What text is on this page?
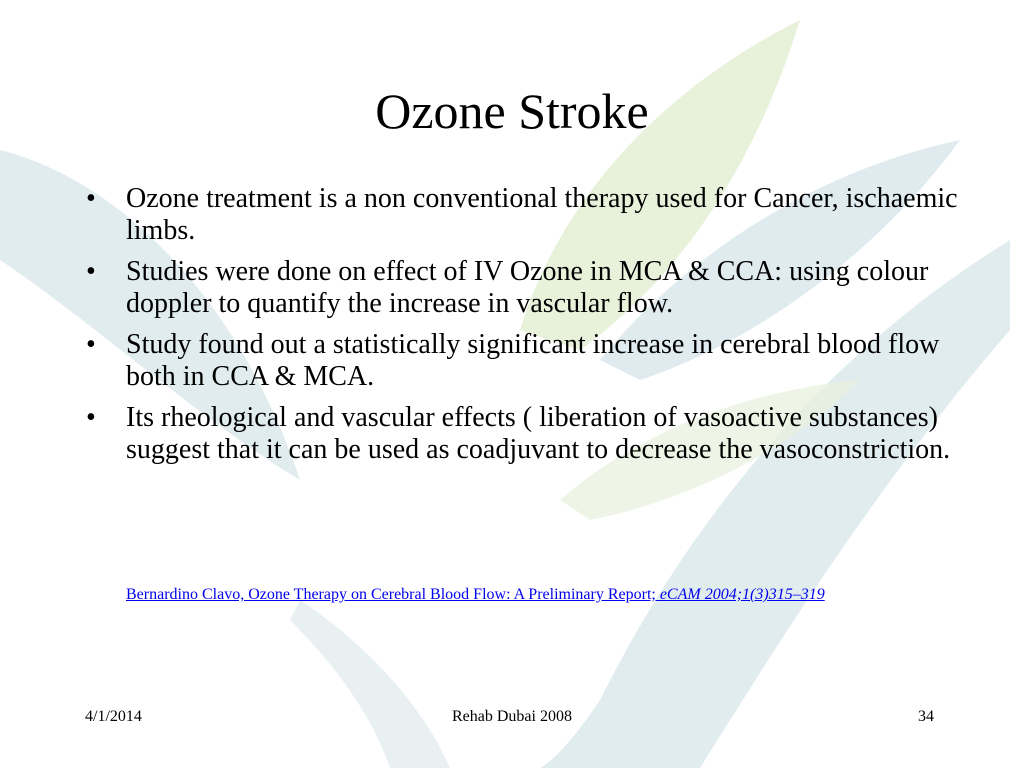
Ozone Stroke
• Ozone treatment is a non conventional therapy used for Cancer, ischaemic limbs.
• Studies were done on effect of IV Ozone in MCA & CCA: using colour doppler to quantify the increase in vascular flow.
• Study found out a statistically significant increase in cerebral blood flow both in CCA & MCA.
• Its rheological and vascular effects ( liberation of vasoactive substances) suggest that it can be used as coadjuvant to decrease the vasoconstriction.
Bernardino Clavo, Ozone Therapy on Cerebral Blood Flow: A Preliminary Report; eCAM 2004;1(3)315–319
4/1/2014	Rehab Dubai 2008	34
